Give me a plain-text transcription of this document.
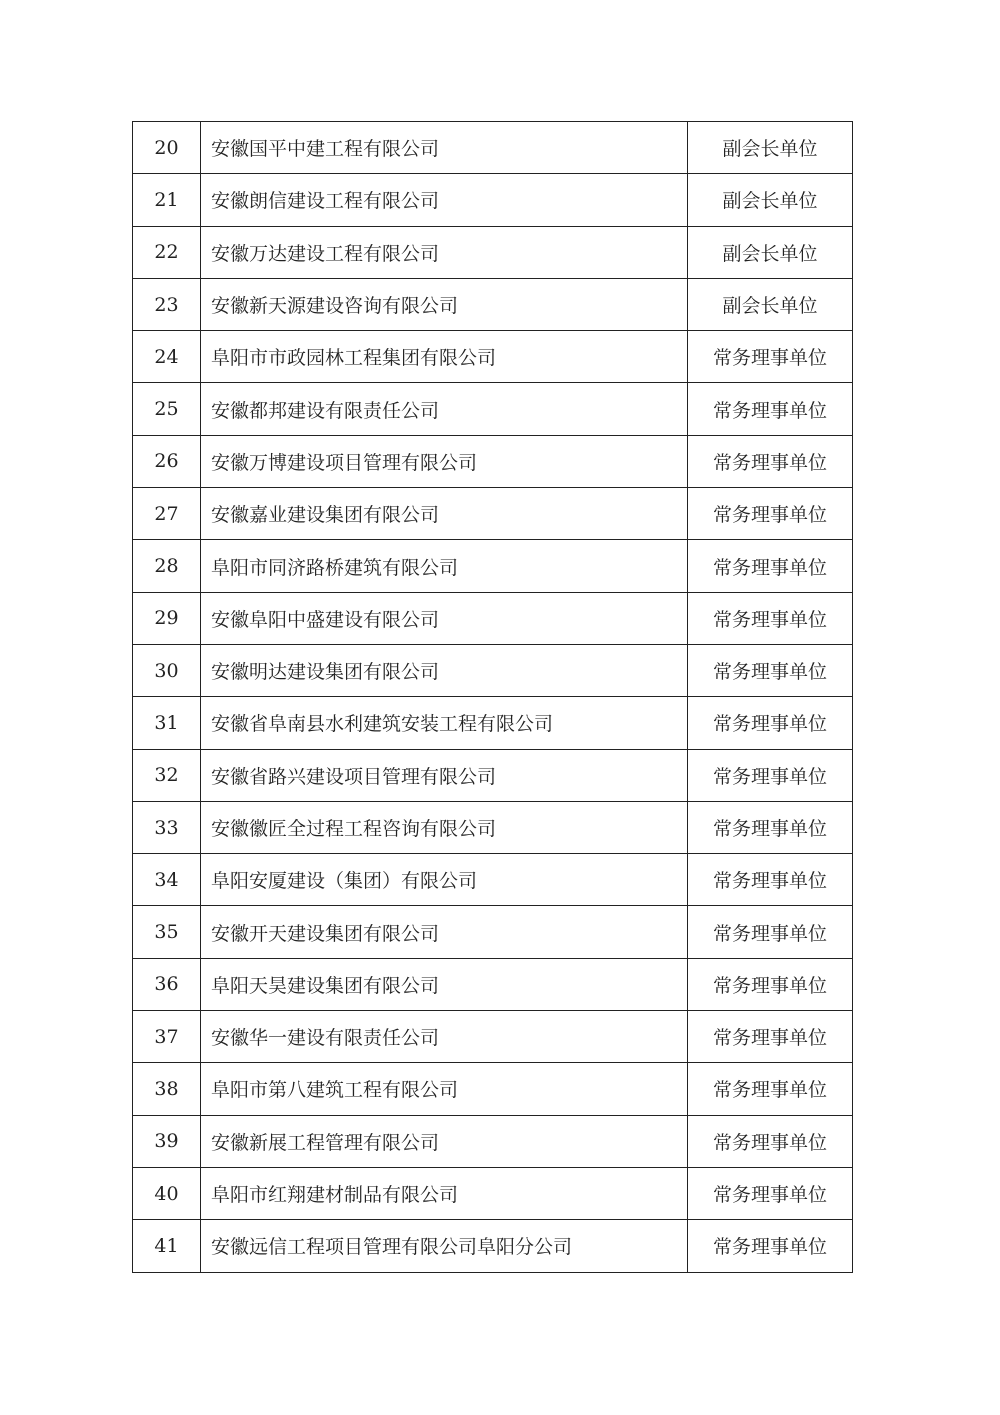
20	安徽国平中建工程有限公司	副会长单位
21	安徽朗信建设工程有限公司	副会长单位
22	安徽万达建设工程有限公司	副会长单位
23	安徽新天源建设咨询有限公司	副会长单位
24	阜阳市市政园林工程集团有限公司	常务理事单位
25	安徽都邦建设有限责任公司	常务理事单位
26	安徽万博建设项目管理有限公司	常务理事单位
27	安徽嘉业建设集团有限公司	常务理事单位
28	阜阳市同济路桥建筑有限公司	常务理事单位
29	安徽阜阳中盛建设有限公司	常务理事单位
30	安徽明达建设集团有限公司	常务理事单位
31	安徽省阜南县水利建筑安装工程有限公司	常务理事单位
32	安徽省路兴建设项目管理有限公司	常务理事单位
33	安徽徽匠全过程工程咨询有限公司	常务理事单位
34	阜阳安厦建设（集团）有限公司	常务理事单位
35	安徽开天建设集团有限公司	常务理事单位
36	阜阳天昊建设集团有限公司	常务理事单位
37	安徽华一建设有限责任公司	常务理事单位
38	阜阳市第八建筑工程有限公司	常务理事单位
39	安徽新展工程管理有限公司	常务理事单位
40	阜阳市红翔建材制品有限公司	常务理事单位
41	安徽远信工程项目管理有限公司阜阳分公司	常务理事单位
